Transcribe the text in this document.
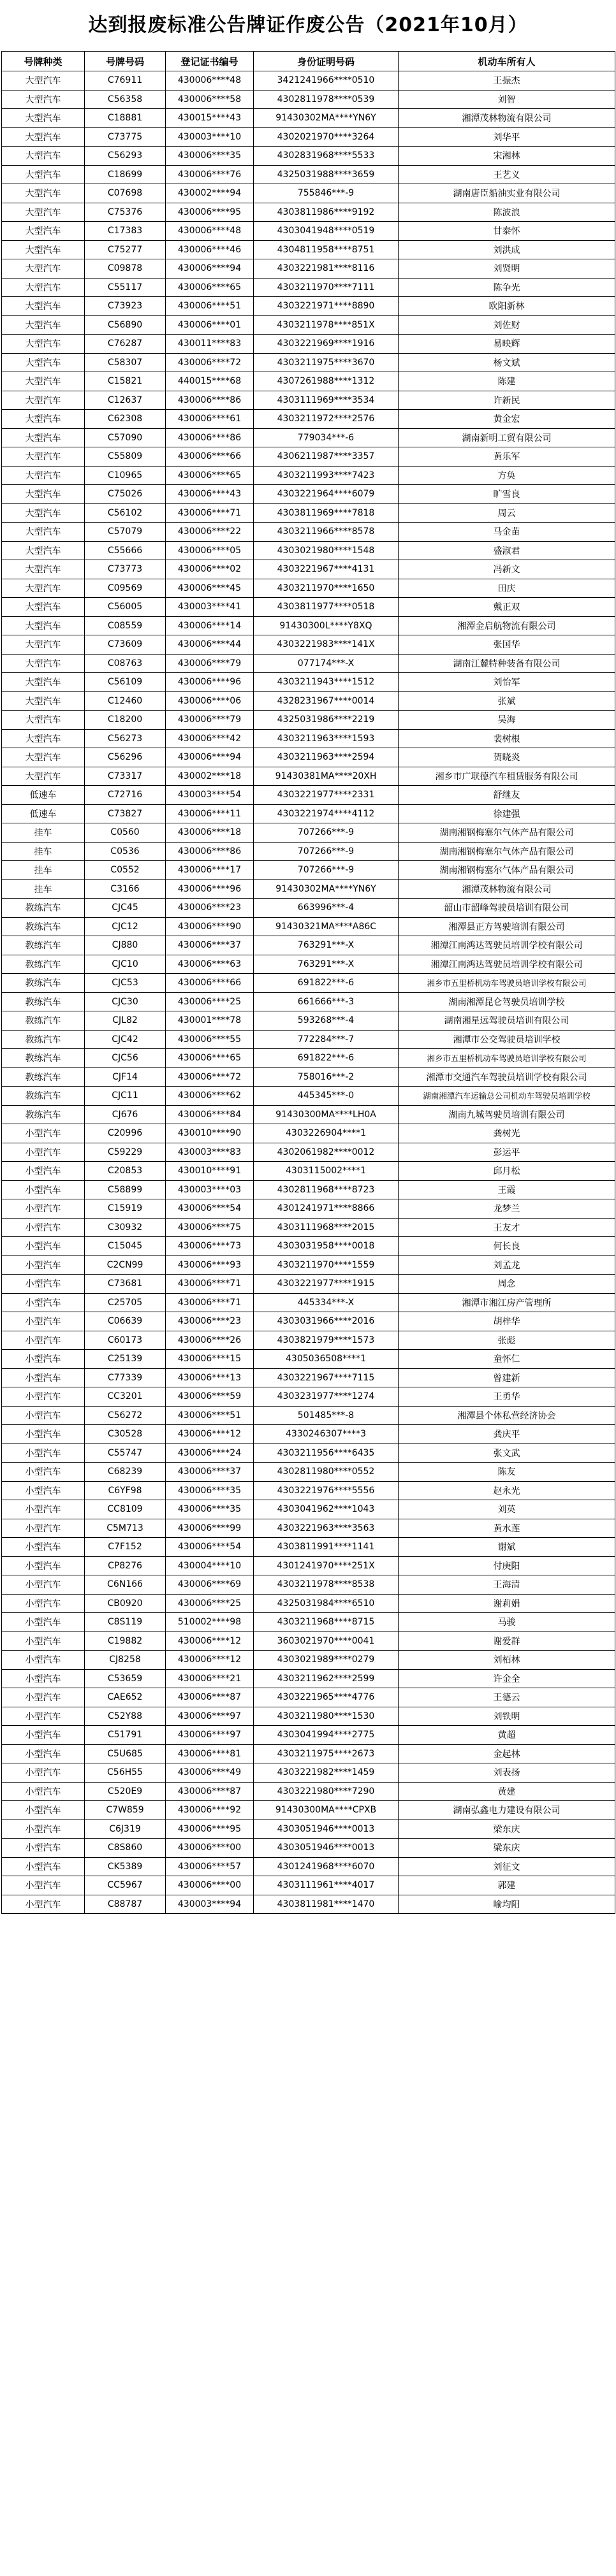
达到报废标准公告牌证作废公告（2021年10月）
号牌种类	号牌号码	登记证书编号	身份证明号码	机动车所有人
大型汽车	C76911	430006****48	3421241966****0510	王振杰
大型汽车	C56358	430006****58	4302811978****0539	刘智
大型汽车	C18881	430015****43	91430302MA****YN6Y	湘潭茂林物流有限公司
大型汽车	C73775	430003****10	4302021970****3264	刘华平
大型汽车	C56293	430006****35	4302831968****5533	宋湘林
大型汽车	C18699	430006****76	4325031988****3659	王艺义
大型汽车	C07698	430002****94	755846***-9	湖南唐臣船油实业有限公司
大型汽车	C75376	430006****95	4303811986****9192	陈波浪
大型汽车	C17383	430006****48	4303041948****0519	甘泰怀
大型汽车	C75277	430006****46	4304811958****8751	刘洪成
大型汽车	C09878	430006****94	4303221981****8116	刘贤明
大型汽车	C55117	430006****65	4303211970****7111	陈争光
大型汽车	C73923	430006****51	4303221971****8890	欧阳新林
大型汽车	C56890	430006****01	4303211978****851X	刘佐财
大型汽车	C76287	430011****83	4303221969****1916	易映辉
大型汽车	C58307	430006****72	4303211975****3670	杨文斌
大型汽车	C15821	440015****68	4307261988****1312	陈建
大型汽车	C12637	430006****86	4303111969****3534	许新民
大型汽车	C62308	430006****61	4303211972****2576	黄金宏
大型汽车	C57090	430006****86	779034***-6	湖南新明工贸有限公司
大型汽车	C55809	430006****66	4306211987****3357	黄乐军
大型汽车	C10965	430006****65	4303211993****7423	方奂
大型汽车	C75026	430006****43	4303221964****6079	旷雪良
大型汽车	C56102	430006****71	4303811969****7818	周云
大型汽车	C57079	430006****22	4303211966****8578	马金苗
大型汽车	C55666	430006****05	4303021980****1548	盛淑君
大型汽车	C73773	430006****02	4303221967****4131	冯新文
大型汽车	C09569	430006****45	4303211970****1650	田庆
大型汽车	C56005	430003****41	4303811977****0518	戴正双
大型汽车	C08559	430006****14	91430300L****Y8XQ	湘潭金启航物流有限公司
大型汽车	C73609	430006****44	4303221983****141X	张国华
大型汽车	C08763	430006****79	077174***-X	湖南江麓特种装备有限公司
大型汽车	C56109	430006****96	4303211943****1512	刘怡军
大型汽车	C12460	430006****06	4328231967****0014	张斌
大型汽车	C18200	430006****79	4325031986****2219	吴海
大型汽车	C56273	430006****42	4303211963****1593	裴树根
大型汽车	C56296	430006****94	4303211963****2594	贺晓炎
大型汽车	C73317	430002****18	91430381MA****20XH	湘乡市广联德汽车租赁服务有限公司
低速车	C72716	430003****54	4303221977****2331	舒继友
低速车	C73827	430006****11	4303221974****4112	徐建强
挂车	C0560	430006****18	707266***-9	湖南湘钢梅塞尔气体产品有限公司
挂车	C0536	430006****86	707266***-9	湖南湘钢梅塞尔气体产品有限公司
挂车	C0552	430006****17	707266***-9	湖南湘钢梅塞尔气体产品有限公司
挂车	C3166	430006****96	91430302MA****YN6Y	湘潭茂林物流有限公司
教练汽车	CJC45	430006****23	663996***-4	韶山市韶峰驾驶员培训有限公司
教练汽车	CJC12	430006****90	91430321MA****A86C	湘潭县正方驾驶培训有限公司
教练汽车	CJ880	430006****37	763291***-X	湘潭江南鸿达驾驶员培训学校有限公司
教练汽车	CJC10	430006****63	763291***-X	湘潭江南鸿达驾驶员培训学校有限公司
教练汽车	CJC53	430006****66	691822***-6	湘乡市五里桥机动车驾驶员培训学校有限公司
教练汽车	CJC30	430006****25	661666***-3	湖南湘潭昆仑驾驶员培训学校
教练汽车	CJL82	430001****78	593268***-4	湖南湘星远驾驶员培训有限公司
教练汽车	CJC42	430006****55	772284***-7	湘潭市公交驾驶员培训学校
教练汽车	CJC56	430006****65	691822***-6	湘乡市五里桥机动车驾驶员培训学校有限公司
教练汽车	CJF14	430006****72	758016***-2	湘潭市交通汽车驾驶员培训学校有限公司
教练汽车	CJC11	430006****62	445345***-0	湖南湘潭汽车运输总公司机动车驾驶员培训学校
教练汽车	CJ676	430006****84	91430300MA****LH0A	湖南九城驾驶员培训有限公司
小型汽车	C20996	430010****90	4303226904****1	龚树光
小型汽车	C59229	430003****83	4302061982****0012	彭运平
小型汽车	C20853	430010****91	4303115002****1	邱月松
小型汽车	C58899	430003****03	4302811968****8723	王霞
小型汽车	C15919	430006****54	4301241971****8866	龙梦兰
小型汽车	C30932	430006****75	4303111968****2015	王友才
小型汽车	C15045	430006****73	4303031958****0018	何长良
小型汽车	C2CN99	430006****93	4303211970****1559	刘孟龙
小型汽车	C73681	430006****71	4303221977****1915	周念
小型汽车	C25705	430006****71	445334***-X	湘潭市湘江房产管理所
小型汽车	C06639	430006****23	4303031966****2016	胡梓华
小型汽车	C60173	430006****26	4303821979****1573	张彪
小型汽车	C25139	430006****15	4305036508****1	童怀仁
小型汽车	C77339	430006****13	4303221967****7115	曾建新
小型汽车	CC3201	430006****59	4303231977****1274	王勇华
小型汽车	C56272	430006****51	501485***-8	湘潭县个体私营经济协会
小型汽车	C30528	430006****12	4330246307****3	龚庆平
小型汽车	C55747	430006****24	4303211956****6435	张文武
小型汽车	C68239	430006****37	4302811980****0552	陈友
小型汽车	C6YF98	430006****35	4303221976****5556	赵永光
小型汽车	CC8109	430006****35	4303041962****1043	刘英
小型汽车	C5M713	430006****99	4303221963****3563	黄水莲
小型汽车	C7F152	430006****54	4303811991****1141	谢斌
小型汽车	CP8276	430004****10	4301241970****251X	付庚阳
小型汽车	C6N166	430006****69	4303211978****8538	王海清
小型汽车	CB0920	430006****25	4325031984****6510	谢莉娟
小型汽车	C8S119	510002****98	4303211968****8715	马骏
小型汽车	C19882	430006****12	3603021970****0041	谢爱群
小型汽车	CJ8258	430006****12	4303021989****0279	刘栢林
小型汽车	C53659	430006****21	4303211962****2599	许金全
小型汽车	CAE652	430006****87	4303221965****4776	王德云
小型汽车	C52Y88	430006****97	4303211980****1530	刘铁明
小型汽车	C51791	430006****97	4303041994****2775	黄超
小型汽车	C5U685	430006****81	4303211975****2673	金起林
小型汽车	C56H55	430006****49	4303221982****1459	刘表扬
小型汽车	C520E9	430006****87	4303221980****7290	黄建
小型汽车	C7W859	430006****92	91430300MA****CPXB	湖南弘鑫电力建设有限公司
小型汽车	C6J319	430006****95	4303051946****0013	梁东庆
小型汽车	C8S860	430006****00	4303051946****0013	梁东庆
小型汽车	CK5389	430006****57	4301241968****6070	刘征文
小型汽车	CC5967	430006****00	4303111961****4017	郭建
小型汽车	C88787	430003****94	4303811981****1470	喻均阳
